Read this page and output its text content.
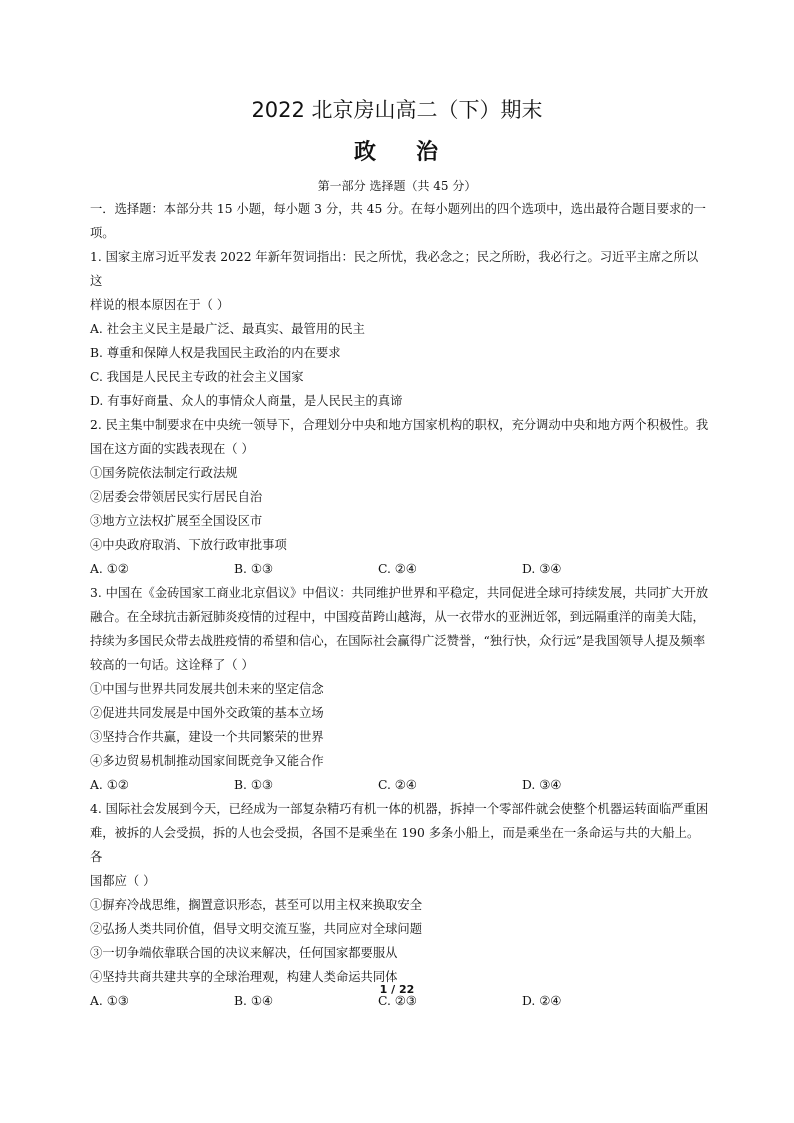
2022 北京房山高二（下）期末
政 治
第一部分 选择题（共 45 分）

一．选择题：本部分共 15 小题，每小题 3 分，共 45 分。在每小题列出的四个选项中，选出最符合题目要求的一

项。

1. 国家主席习近平发表 2022 年新年贺词指出：民之所忧，我必念之；民之所盼，我必行之。习近平主席之所以这

样说的根本原因在于（ ）

A. 社会主义民主是最广泛、最真实、最管用的民主

B. 尊重和保障人权是我国民主政治的内在要求

C. 我国是人民民主专政的社会主义国家

D. 有事好商量、众人的事情众人商量，是人民民主的真谛

2. 民主集中制要求在中央统一领导下，合理划分中央和地方国家机构的职权，充分调动中央和地方两个积极性。我

国在这方面的实践表现在（ ）

①国务院依法制定行政法规

②居委会带领居民实行居民自治

③地方立法权扩展至全国设区市

④中央政府取消、下放行政审批事项

A. ①②	B. ①③	C. ②④	D. ③④

3. 中国在《金砖国家工商业北京倡议》中倡议：共同维护世界和平稳定，共同促进全球可持续发展，共同扩大开放

融合。在全球抗击新冠肺炎疫情的过程中，中国疫苗跨山越海，从一衣带水的亚洲近邻，到远隔重洋的南美大陆，

持续为多国民众带去战胜疫情的希望和信心，在国际社会赢得广泛赞誉，“独行快，众行远”是我国领导人提及频率

较高的一句话。这诠释了（ ）

①中国与世界共同发展共创未来的坚定信念

②促进共同发展是中国外交政策的基本立场

③坚持合作共赢，建设一个共同繁荣的世界

④多边贸易机制推动国家间既竞争又能合作

A. ①②	B. ①③	C. ②④	D. ③④

4. 国际社会发展到今天，已经成为一部复杂精巧有机一体的机器，拆掉一个零部件就会使整个机器运转面临严重困

难，被拆的人会受损，拆的人也会受损，各国不是乘坐在 190 多条小船上，而是乘坐在一条命运与共的大船上。各

国都应（ ）

①摒弃冷战思维，搁置意识形态，甚至可以用主权来换取安全

②弘扬人类共同价值，倡导文明交流互鉴，共同应对全球问题

③一切争端依靠联合国的决议来解决，任何国家都要服从

④坚持共商共建共享的全球治理观，构建人类命运共同体

A. ①③	B. ①④	C. ②③	D. ②④

1 / 22
